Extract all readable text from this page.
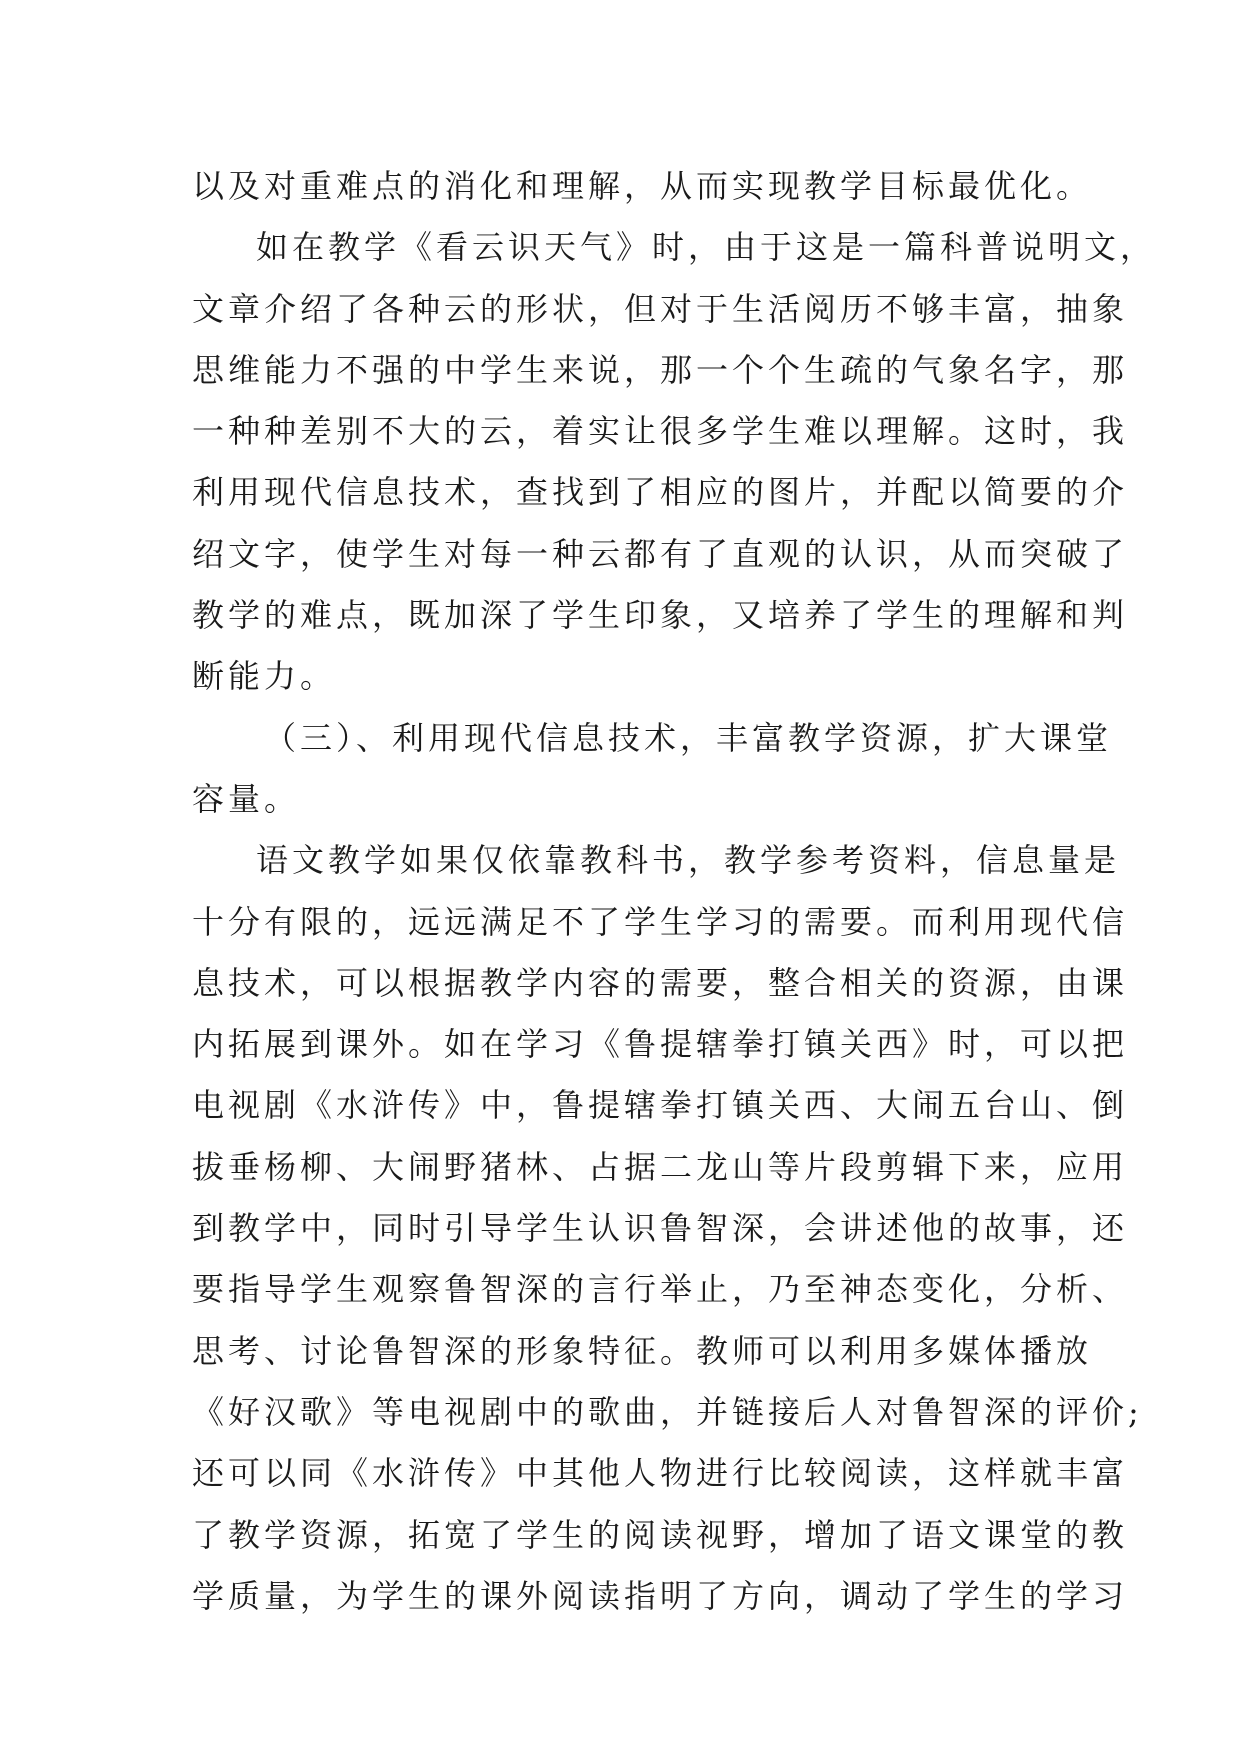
以及对重难点的消化和理解，从而实现教学目标最优化。
如在教学《看云识天气》时，由于这是一篇科普说明文，
文章介绍了各种云的形状，但对于生活阅历不够丰富，抽象
思维能力不强的中学生来说，那一个个生疏的气象名字，那
一种种差别不大的云，着实让很多学生难以理解。这时，我
利用现代信息技术，查找到了相应的图片，并配以简要的介
绍文字，使学生对每一种云都有了直观的认识，从而突破了
教学的难点，既加深了学生印象，又培养了学生的理解和判
断能力。
（三）、利用现代信息技术，丰富教学资源，扩大课堂
容量。
语文教学如果仅依靠教科书，教学参考资料，信息量是
十分有限的，远远满足不了学生学习的需要。而利用现代信
息技术，可以根据教学内容的需要，整合相关的资源，由课
内拓展到课外。如在学习《鲁提辖拳打镇关西》时，可以把
电视剧《水浒传》中，鲁提辖拳打镇关西、大闹五台山、倒
拔垂杨柳、大闹野猪林、占据二龙山等片段剪辑下来，应用
到教学中，同时引导学生认识鲁智深，会讲述他的故事，还
要指导学生观察鲁智深的言行举止，乃至神态变化，分析、
思考、讨论鲁智深的形象特征。教师可以利用多媒体播放
《好汉歌》等电视剧中的歌曲，并链接后人对鲁智深的评价;
还可以同《水浒传》中其他人物进行比较阅读，这样就丰富
了教学资源，拓宽了学生的阅读视野，增加了语文课堂的教
学质量，为学生的课外阅读指明了方向，调动了学生的学习
